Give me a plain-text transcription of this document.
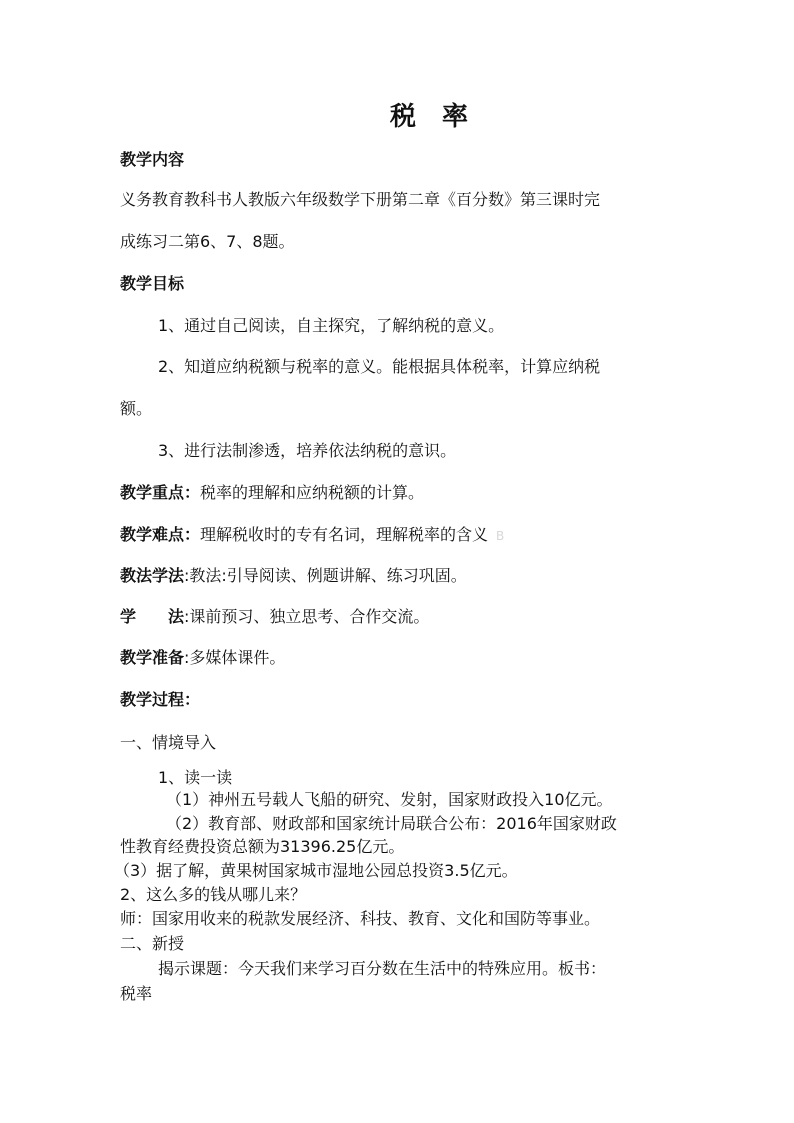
税 率
教学内容
义务教育教科书人教版六年级数学下册第二章《百分数》第三课时完
成练习二第6、7、8题。
教学目标
1、通过自己阅读，自主探究，了解纳税的意义。
2、知道应纳税额与税率的意义。能根据具体税率，计算应纳税
额。
3、进行法制渗透，培养依法纳税的意识。
教学重点：税率的理解和应纳税额的计算。
教学难点：理解税收时的专有名词，理解税率的含义 B
教法学法:教法:引导阅读、例题讲解、练习巩固。
学　　法:课前预习、独立思考、合作交流。
教学准备:多媒体课件。
教学过程：
一、情境导入
1、读一读
（1）神州五号载人飞船的研究、发射，国家财政投入10亿元。
（2）教育部、财政部和国家统计局联合公布：2016年国家财政
性教育经费投资总额为31396.25亿元。
（3）据了解，黄果树国家城市湿地公园总投资3.5亿元。
2、这么多的钱从哪儿来？
师：国家用收来的税款发展经济、科技、教育、文化和国防等事业。
二、新授
揭示课题：今天我们来学习百分数在生活中的特殊应用。板书：
税率
